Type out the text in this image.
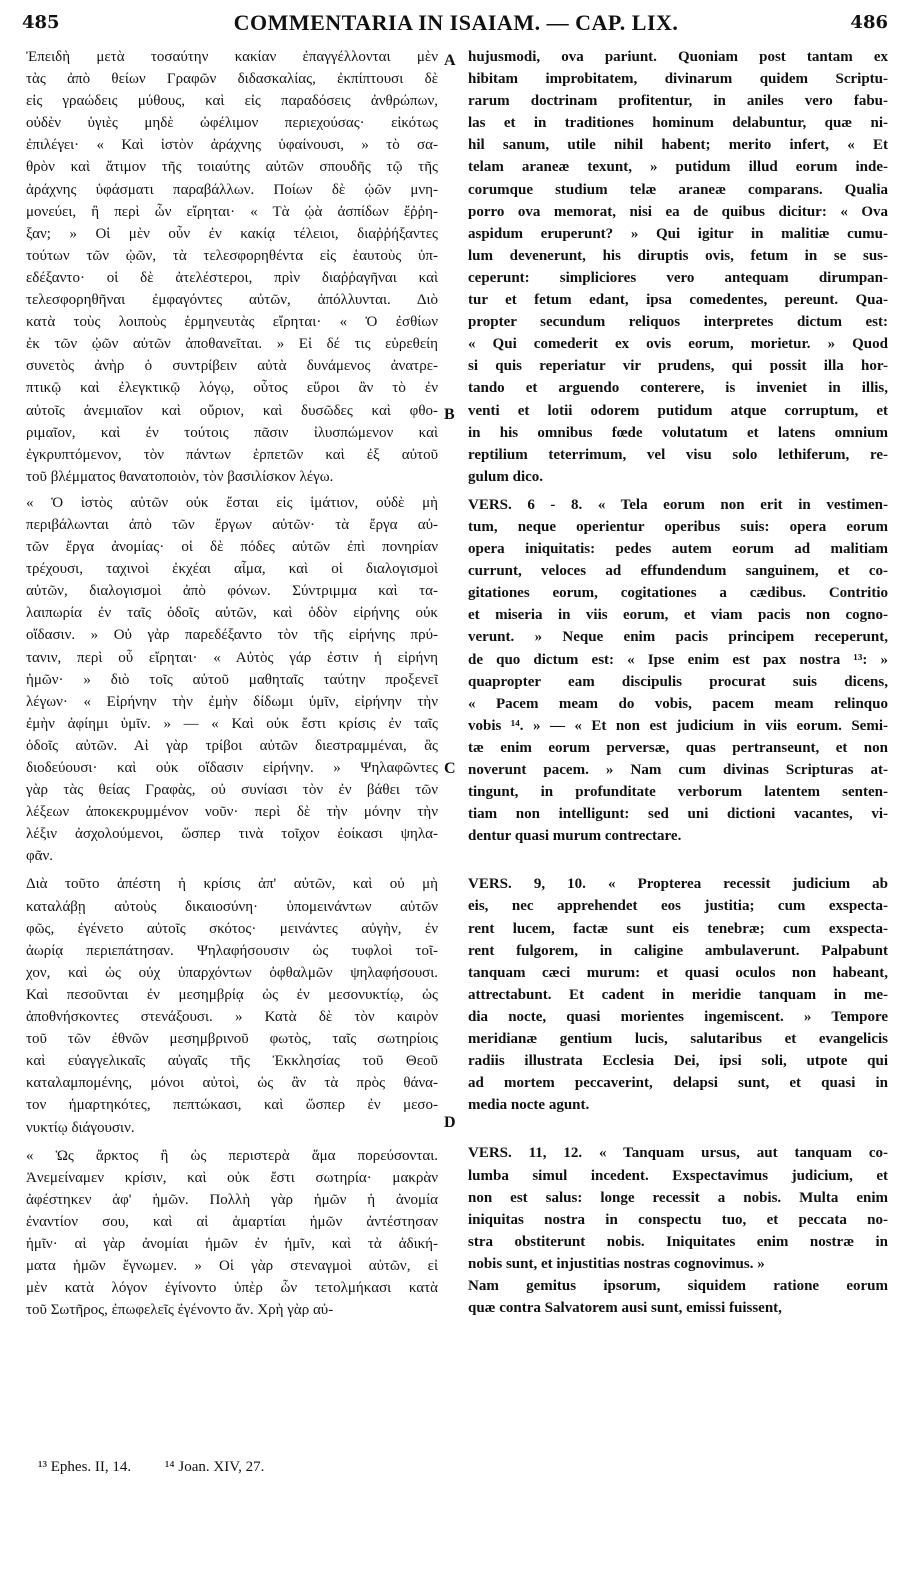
485	COMMENTARIA IN ISAIAM. — CAP. LIX.	486
Ἐπειδὴ μετὰ τοσαύτην κακίαν ἐπαγγέλλονται μὲν
τὰς ἀπὸ θείων Γραφῶν διδασκαλίας, ἐκπίπτουσι δὲ
εἰς γραώδεις μύθους, καὶ εἰς παραδόσεις ἀνθρώπων,
οὐδὲν ὑγιὲς μηδὲ ὠφέλιμον περιεχούσας· εἰκότως
ἐπιλέγει· « Καὶ ἱστὸν ἀράχνης ὑφαίνουσι, » τὸ σα-
θρὸν καὶ ἄτιμον τῆς τοιαύτης αὐτῶν σπουδῆς τῷ τῆς
ἀράχνης ὑφάσματι παραβάλλων. Ποίων δὲ ᾠῶν μνη-
μονεύει, ἢ περὶ ὧν εἴρηται· « Τὰ ᾠὰ ἀσπίδων ἔῤῥη-
ξαν; » Οἱ μὲν οὖν ἐν κακίᾳ τέλειοι, διαῤῥήξαντες
τούτων τῶν ᾠῶν, τὰ τελεσφορηθέντα εἰς ἑαυτοὺς ὑπ-
εδέξαντο· οἱ δὲ ἀτελέστεροι, πρὶν διαῤῥαγῆναι καὶ
τελεσφορηθῆναι ἐμφαγόντες αὐτῶν, ἀπόλλυνται. Διὸ
κατὰ τοὺς λοιποὺς ἑρμηνευτὰς εἴρηται· « Ὁ ἐσθίων
ἐκ τῶν ᾠῶν αὐτῶν ἀποθανεῖται. » Εἰ δέ τις εὑρεθείη
συνετὸς ἀνὴρ ὁ συντρίβειν αὐτὰ δυνάμενος ἀνατρε-
πτικῷ καὶ ἐλεγκτικῷ λόγῳ, οὗτος εὕροι ἂν τὸ ἐν
αὐτοῖς ἀνεμιαῖον καὶ οὔριον, καὶ δυσῶδες καὶ φθο-
ριμαῖον, καὶ ἐν τούτοις πᾶσιν ἰλυσπώμενον καὶ
ἐγκρυπτόμενον, τὸν πάντων ἑρπετῶν καὶ ἐξ αὐτοῦ
τοῦ βλέμματος θανατοποιὸν, τὸν βασιλίσκον λέγω.
« Ὁ ἱστὸς αὐτῶν οὐκ ἔσται εἰς ἱμάτιον, οὐδὲ μὴ
περιβάλωνται ἀπὸ τῶν ἔργων αὐτῶν· τὰ ἔργα αὐ-
τῶν ἔργα ἀνομίας· οἱ δὲ πόδες αὐτῶν ἐπὶ πονηρίαν
τρέχουσι, ταχινοὶ ἐκχέαι αἷμα, καὶ οἱ διαλογισμοὶ
αὐτῶν, διαλογισμοὶ ἀπὸ φόνων. Σύντριμμα καὶ τα-
λαιπωρία ἐν ταῖς ὁδοῖς αὐτῶν, καὶ ὁδὸν εἰρήνης οὐκ
οἴδασιν. » Οὐ γὰρ παρεδέξαντο τὸν τῆς εἰρήνης πρύ-
τανιν, περὶ οὗ εἴρηται· « Αὐτὸς γάρ ἐστιν ἡ εἰρήνη
ἡμῶν· » διὸ τοῖς αὐτοῦ μαθηταῖς ταύτην προξενεῖ
λέγων· « Εἰρήνην τὴν ἐμὴν δίδωμι ὑμῖν, εἰρήνην τὴν
ἐμὴν ἀφίημι ὑμῖν. » — « Καὶ οὐκ ἔστι κρίσις ἐν ταῖς
ὁδοῖς αὐτῶν. Αἱ γὰρ τρίβοι αὐτῶν διεστραμμέναι, ἃς
διοδεύουσι· καὶ οὐκ οἴδασιν εἰρήνην. » Ψηλαφῶντες
γὰρ τὰς θείας Γραφὰς, οὐ συνίασι τὸν ἐν βάθει τῶν
λέξεων ἀποκεκρυμμένον νοῦν· περὶ δὲ τὴν μόνην τὴν
λέξιν ἀσχολούμενοι, ὥσπερ τινὰ τοῖχον ἐοίκασι ψηλα-
φᾶν.
Διὰ τοῦτο ἀπέστη ἡ κρίσις ἀπ' αὐτῶν, καὶ οὐ μὴ
καταλάβῃ αὐτοὺς δικαιοσύνη· ὑπομεινάντων αὐτῶν
φῶς, ἐγένετο αὐτοῖς σκότος· μεινάντες αὐγὴν, ἐν
ἀωρίᾳ περιεπάτησαν. Ψηλαφήσουσιν ὡς τυφλοὶ τοῖ-
χον, καὶ ὡς οὐχ ὑπαρχόντων ὀφθαλμῶν ψηλαφήσουσι.
Καὶ πεσοῦνται ἐν μεσημβρίᾳ ὡς ἐν μεσονυκτίῳ, ὡς
ἀποθνήσκοντες στενάξουσι. » Κατὰ δὲ τὸν καιρὸν
τοῦ τῶν ἐθνῶν μεσημβρινοῦ φωτὸς, ταῖς σωτηρίοις
καὶ εὐαγγελικαῖς αὐγαῖς τῆς Ἐκκλησίας τοῦ Θεοῦ
καταλαμπομένης, μόνοι αὐτοὶ, ὡς ἂν τὰ πρὸς θάνα-
τον ἡμαρτηκότες, πεπτώκασι, καὶ ὥσπερ ἐν μεσο-
νυκτίῳ διάγουσιν.
« Ὡς ἄρκτος ἢ ὡς περιστερὰ ἅμα πορεύσονται.
Ἀνεμείναμεν κρίσιν, καὶ οὐκ ἔστι σωτηρία· μακρὰν
ἀφέστηκεν ἀφ' ἡμῶν. Πολλὴ γὰρ ἡμῶν ἡ ἀνομία
ἐναντίον σου, καὶ αἱ ἁμαρτίαι ἡμῶν ἀντέστησαν
ἡμῖν· αἱ γὰρ ἀνομίαι ἡμῶν ἐν ἡμῖν, καὶ τὰ ἀδική-
ματα ἡμῶν ἔγνωμεν. » Οἱ γὰρ στεναγμοὶ αὐτῶν, εἰ
μὲν κατὰ λόγον ἐγίνοντο ὑπὲρ ὧν τετολμήκασι κατὰ
τοῦ Σωτῆρος, ἐπωφελεῖς ἐγένοντο ἄν. Χρὴ γὰρ αὐ-
hujusmodi, ova pariunt. Quoniam post tantam ex
hibitam improbitatem, divinarum quidem Scriptu-
rarum doctrinam profitentur, in aniles vero fabu-
las et in traditiones hominum delabuntur, quæ ni-
hil sanum, utile nihil habent; merito infert, « Et
telam araneæ texunt, » putidum illud eorum inde-
corumque studium telæ araneæ comparans. Qualia
porro ova memorat, nisi ea de quibus dicitur: « Ova
aspidum eruperunt? » Qui igitur in malitiæ cumu-
lum devenerunt, his diruptis ovis, fetum in se sus-
ceperunt: simpliciores vero antequam dirumpan-
tur et fetum edant, ipsa comedentes, pereunt. Qua-
propter secundum reliquos interpretes dictum est:
« Qui comederit ex ovis eorum, morietur. » Quod
si quis reperiatur vir prudens, qui possit illa hor-
tando et arguendo conterere, is inveniet in illis,
venti et lotii odorem putidum atque corruptum, et
in his omnibus fœde volutatum et latens omnium
reptilium teterrimum, vel visu solo lethiferum, re-
gulum dico.
VERS. 6 - 8. « Tela eorum non erit in vestimen-
tum, neque operientur operibus suis: opera eorum
opera iniquitatis: pedes autem eorum ad malitiam
currunt, veloces ad effundendum sanguinem, et co-
gitationes eorum, cogitationes a cædibus. Contritio
et miseria in viis eorum, et viam pacis non cogno-
verunt. » Neque enim pacis principem receperunt,
de quo dictum est: « Ipse enim est pax nostra ¹³: »
quapropter eam discipulis procurat suis dicens,
« Pacem meam do vobis, pacem meam relinquo
vobis ¹⁴. » — « Et non est judicium in viis eorum. Semi-
tæ enim eorum perversæ, quas pertranseunt, et non
noverunt pacem. » Nam cum divinas Scripturas at-
tingunt, in profunditate verborum latentem senten-
tiam non intelligunt: sed uni dictioni vacantes, vi-
dentur quasi murum contrectare.
VERS. 9, 10. « Propterea recessit judicium ab
eis, nec apprehendet eos justitia; cum exspecta-
rent lucem, factæ sunt eis tenebræ; cum exspecta-
rent fulgorem, in caligine ambulaverunt. Palpabunt
tanquam cæci murum: et quasi oculos non habeant,
attrectabunt. Et cadent in meridie tanquam in me-
dia nocte, quasi morientes ingemiscent. » Tempore
meridianæ gentium lucis, salutaribus et evangelicis
radiis illustrata Ecclesia Dei, ipsi soli, utpote qui
ad mortem peccaverint, delapsi sunt, et quasi in
media nocte agunt.
VERS. 11, 12. « Tanquam ursus, aut tanquam co-
lumba simul incedent. Exspectavimus judicium, et
non est salus: longe recessit a nobis. Multa enim
iniquitas nostra in conspectu tuo, et peccata no-
stra obstiterunt nobis. Iniquitates enim nostræ in
nobis sunt, et injustitias nostras cognovimus. »
Nam gemitus ipsorum, siquidem ratione eorum
quæ contra Salvatorem ausi sunt, emissi fuissent,
A
B
C
D
¹³ Ephes. II, 14. ¹⁴ Joan. XIV, 27.
